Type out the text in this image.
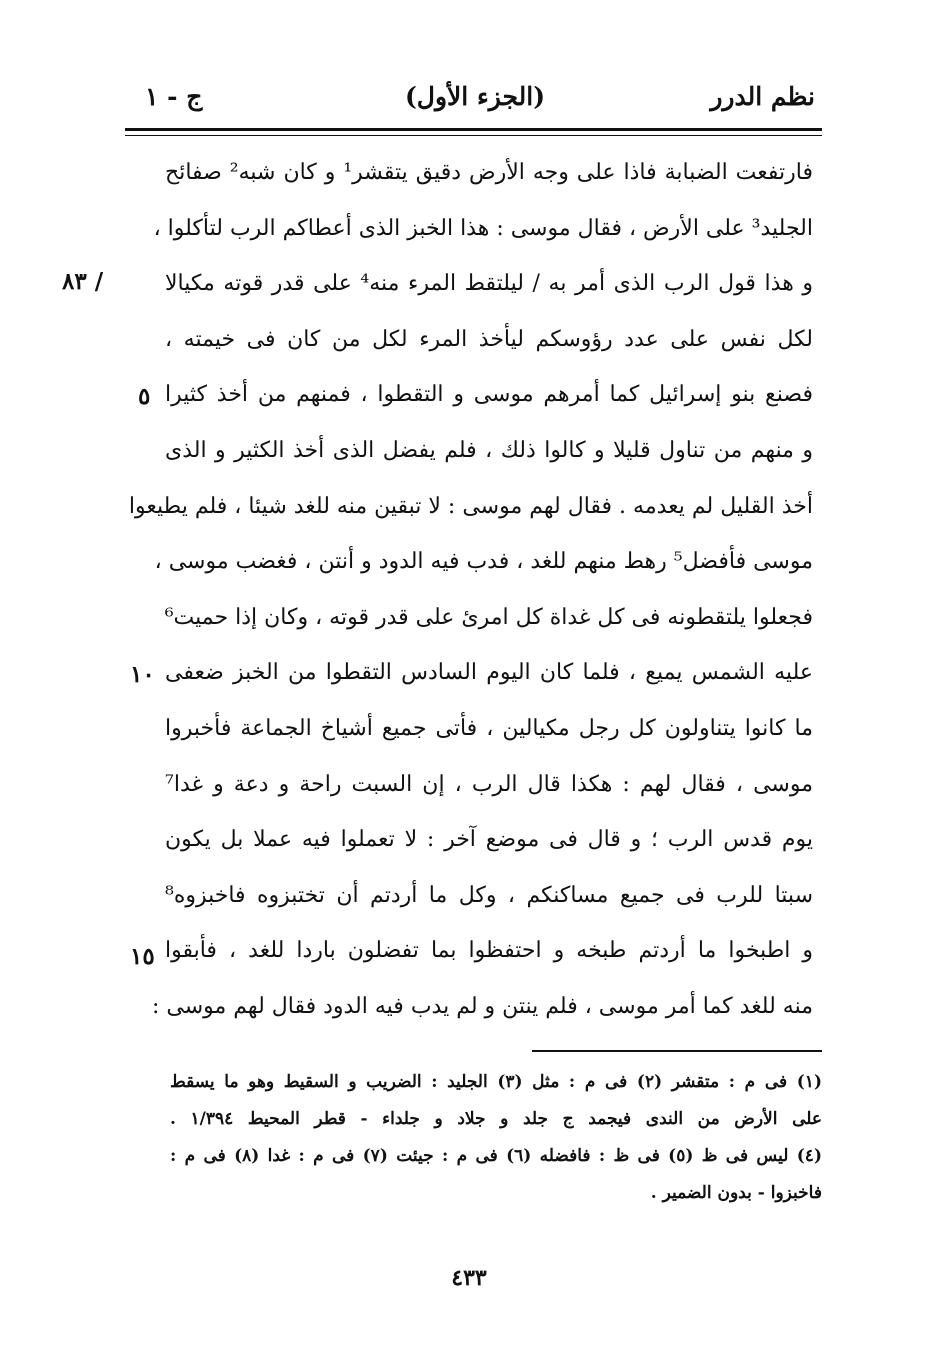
نظم الدرر
(الجزء الأول)
ج - ١
فارتفعت الضبابة فاذا على وجه الأرض دقيق يتقشر¹ و كان شبه² صفائح
الجليد³ على الأرض ، فقال موسى : هذا الخبز الذى أعطاكم الرب لتأكلوا ،
و هذا قول الرب الذى أمر به / ليلتقط المرء منه⁴ على قدر قوته مكيالا
لكل نفس على عدد رؤوسكم ليأخذ المرء لكل من كان فى خيمته ،
فصنع بنو إسرائيل كما أمرهم موسى و التقطوا ، فمنهم من أخذ كثيرا
و منهم من تناول قليلا و كالوا ذلك ، فلم يفضل الذى أخذ الكثير و الذى
أخذ القليل لم يعدمه . فقال لهم موسى : لا تبقين منه للغد شيئا ، فلم يطيعوا
موسى فأفضل⁵ رهط منهم للغد ، فدب فيه الدود و أنتن ، فغضب موسى ،
فجعلوا يلتقطونه فى كل غداة كل امرئ على قدر قوته ، وكان إذا حميت⁶
عليه الشمس يميع ، فلما كان اليوم السادس التقطوا من الخبز ضعفى
ما كانوا يتناولون كل رجل مكيالين ، فأتى جميع أشياخ الجماعة فأخبروا
موسى ، فقال لهم : هكذا قال الرب ، إن السبت راحة و دعة و غدا⁷
يوم قدس الرب ؛ و قال فى موضع آخر : لا تعملوا فيه عملا بل يكون
سبتا للرب فى جميع مساكنكم ، وكل ما أردتم أن تختبزوه فاخبزوه⁸
و اطبخوا ما أردتم طبخه و احتفظوا بما تفضلون باردا للغد ، فأبقوا
منه للغد كما أمر موسى ، فلم ينتن و لم يدب فيه الدود فقال لهم موسى :
/ ٨٣
٥
١٠
١٥
(١) فى م : متقشر (٢) فى م : مثل (٣) الجليد : الضريب و السقيط وهو ما يسقط
على الأرض من الندى فيجمد ج جلد و جلاد و جلداء - قطر المحيط ١/٣٩٤ .
(٤) ليس فى ظ (٥) فى ظ : فافضله (٦) فى م : جيئت (٧) فى م : غدا (٨) فى م :
فاخبزوا - بدون الضمير .
٤٣٣
